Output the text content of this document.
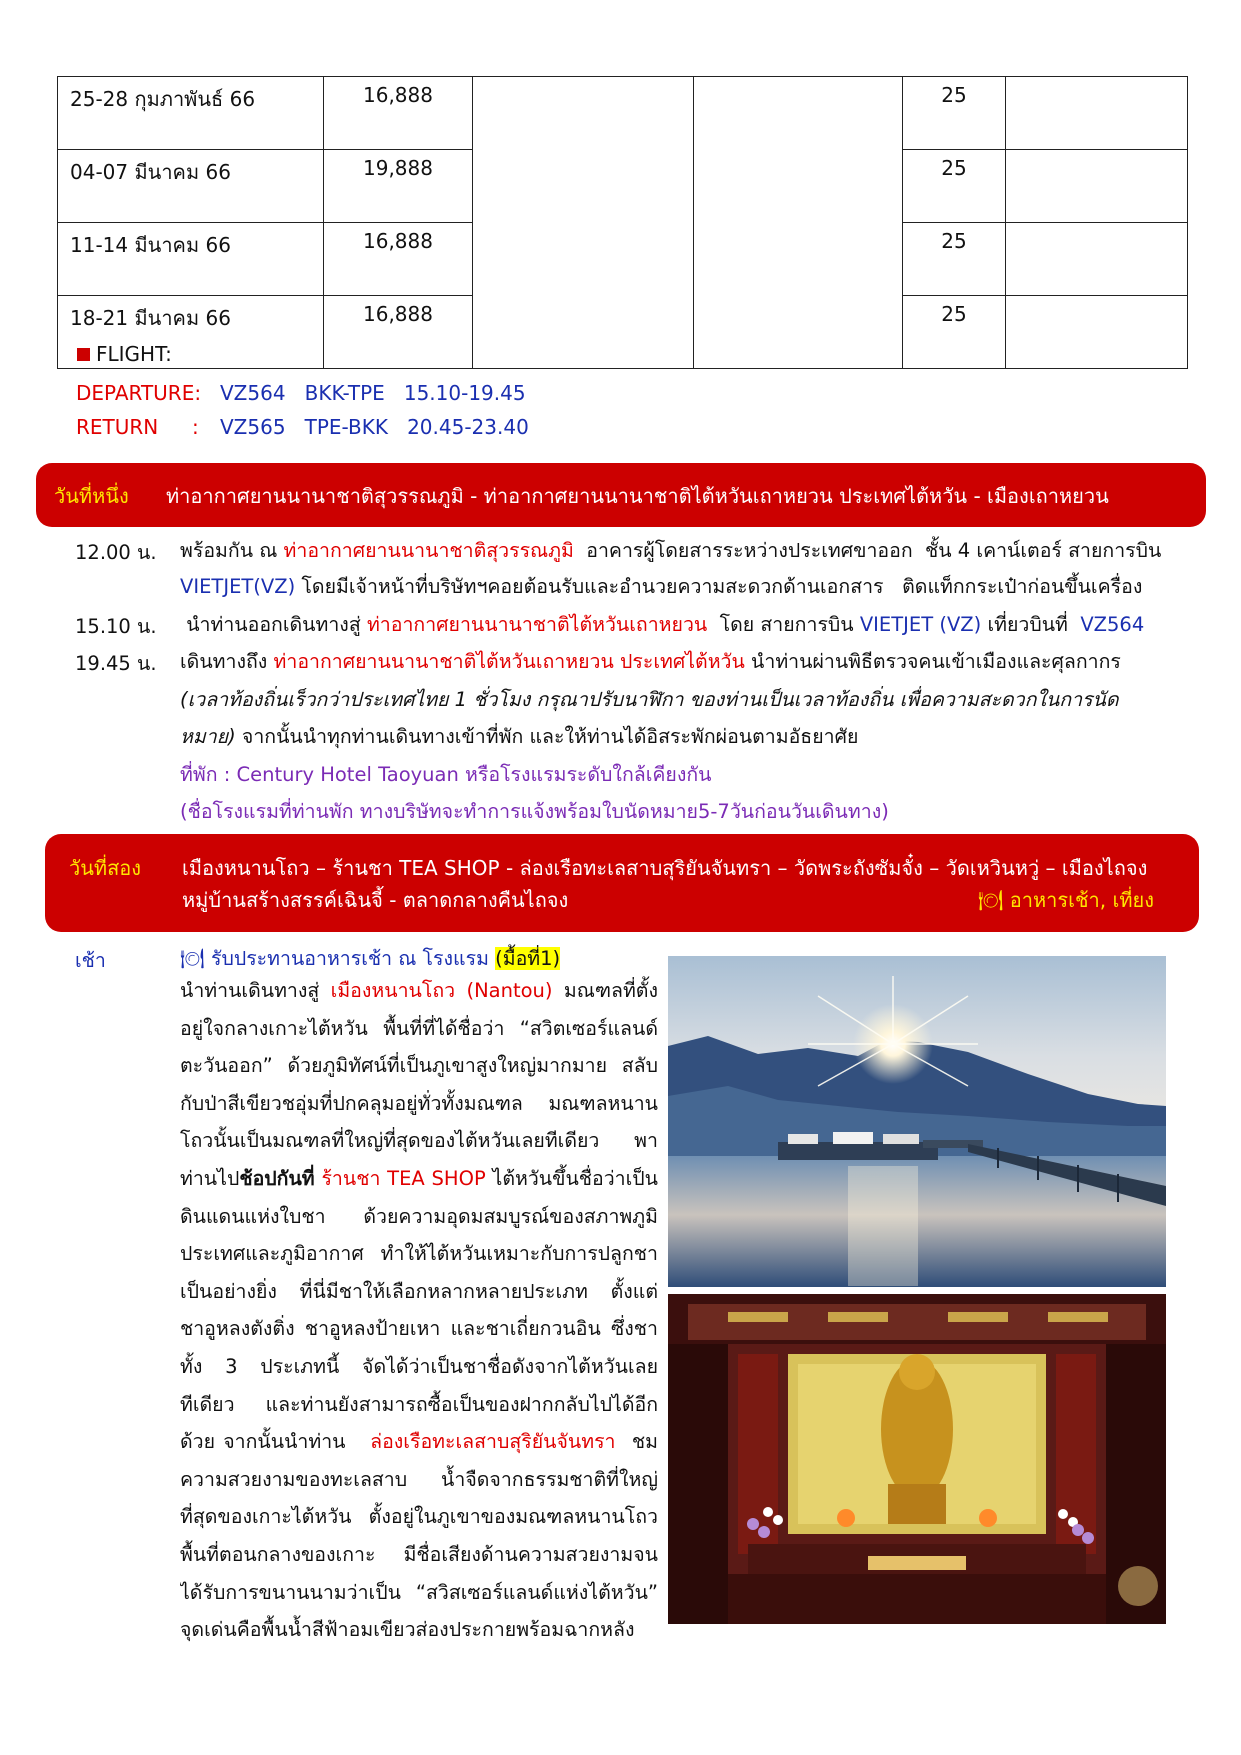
25-28 กุมภาพันธ์ 66	16,888			25	
04-07 มีนาคม 66	19,888			25	
11-14 มีนาคม 66	16,888			25	
18-21 มีนาคม 66	16,888			25	
FLIGHT:
DEPARTURE: VZ564   BKK-TPE   15.10-19.45
RETURN : VZ565   TPE-BKK   20.45-23.40
วันที่หนึ่ง ท่าอากาศยานนานาชาติสุวรรณภูมิ - ท่าอากาศยานนานาชาติไต้หวันเถาหยวน ประเทศไต้หวัน - เมืองเถาหยวน
12.00 น. พร้อมกัน ณ ท่าอากาศยานนานาชาติสุวรรณภูมิ  อาคารผู้โดยสารระหว่างประเทศขาออก  ชั้น 4 เคาน์เตอร์ สายการบิน
VIETJET(VZ) โดยมีเจ้าหน้าที่บริษัทฯคอยต้อนรับและอำนวยความสะดวกด้านเอกสาร   ติดแท็กกระเป๋าก่อนขึ้นเครื่อง
15.10 น. นำท่านออกเดินทางสู่ ท่าอากาศยานนานาชาติไต้หวันเถาหยวน  โดย สายการบิน VIETJET (VZ) เที่ยวบินที่  VZ564
19.45 น. เดินทางถึง ท่าอากาศยานนานาชาติไต้หวันเถาหยวน ประเทศไต้หวัน นำท่านผ่านพิธีตรวจคนเข้าเมืองและศุลกากร
(เวลาท้องถิ่นเร็วกว่าประเทศไทย 1 ชั่วโมง กรุณาปรับนาฬิกา ของท่านเป็นเวลาท้องถิ่น เพื่อความสะดวกในการนัด
หมาย) จากนั้นนำทุกท่านเดินทางเข้าที่พัก และให้ท่านได้อิสระพักผ่อนตามอัธยาศัย
ที่พัก : Century Hotel Taoyuan หรือโรงแรมระดับใกล้เคียงกัน
(ชื่อโรงแรมที่ท่านพัก ทางบริษัทจะทำการแจ้งพร้อมใบนัดหมาย5-7วันก่อนวันเดินทาง)
วันที่สอง เมืองหนานโถว – ร้านชา TEA SHOP - ล่องเรือทะเลสาบสุริยันจันทรา – วัดพระถังซัมจั๋ง – วัดเหวินหวู่ – เมืองไถจง
หมู่บ้านสร้างสรรค์เฉินจี้ - ตลาดกลางคืนไถจง	🍽 อาหารเช้า, เที่ยง
เช้า	🍽 รับประทานอาหารเช้า ณ โรงแรม (มื้อที่1)
นำท่านเดินทางสู่ เมืองหนานโถว (Nantou) มณฑลที่ตั้ง
อยู่ใจกลางเกาะไต้หวัน พื้นที่ที่ได้ชื่อว่า “สวิตเซอร์แลนด์
ตะวันออก” ด้วยภูมิทัศน์ที่เป็นภูเขาสูงใหญ่มากมาย สลับ
กับป่าสีเขียวชอุ่มที่ปกคลุมอยู่ทั่วทั้งมณฑล มณฑลหนาน
โถวนั้นเป็นมณฑลที่ใหญ่ที่สุดของไต้หวันเลยทีเดียว พา
ท่านไปช้อปกันที่ ร้านชา TEA SHOP ไต้หวันขึ้นชื่อว่าเป็น
ดินแดนแห่งใบชา ด้วยความอุดมสมบูรณ์ของสภาพภูมิ
ประเทศและภูมิอากาศ ทำให้ไต้หวันเหมาะกับการปลูกชา
เป็นอย่างยิ่ง ที่นี่มีชาให้เลือกหลากหลายประเภท ตั้งแต่
ชาอูหลงตังติ่ง ชาอูหลงป้ายเหา และชาเถี่ยกวนอิน ซึ่งชา
ทั้ง 3 ประเภทนี้ จัดได้ว่าเป็นชาชื่อดังจากไต้หวันเลย
ทีเดียว และท่านยังสามารถซื้อเป็นของฝากกลับไปได้อีก
ด้วย จากนั้นนำท่าน   ล่องเรือทะเลสาบสุริยันจันทรา  ชม
ความสวยงามของทะเลสาบ น้ำจืดจากธรรมชาติที่ใหญ่
ที่สุดของเกาะไต้หวัน ตั้งอยู่ในภูเขาของมณฑลหนานโถว
พื้นที่ตอนกลางของเกาะ มีชื่อเสียงด้านความสวยงามจน
ได้รับการขนานนามว่าเป็น “สวิสเซอร์แลนด์แห่งไต้หวัน”
จุดเด่นคือพื้นน้ำสีฟ้าอมเขียวส่องประกายพร้อมฉากหลัง
